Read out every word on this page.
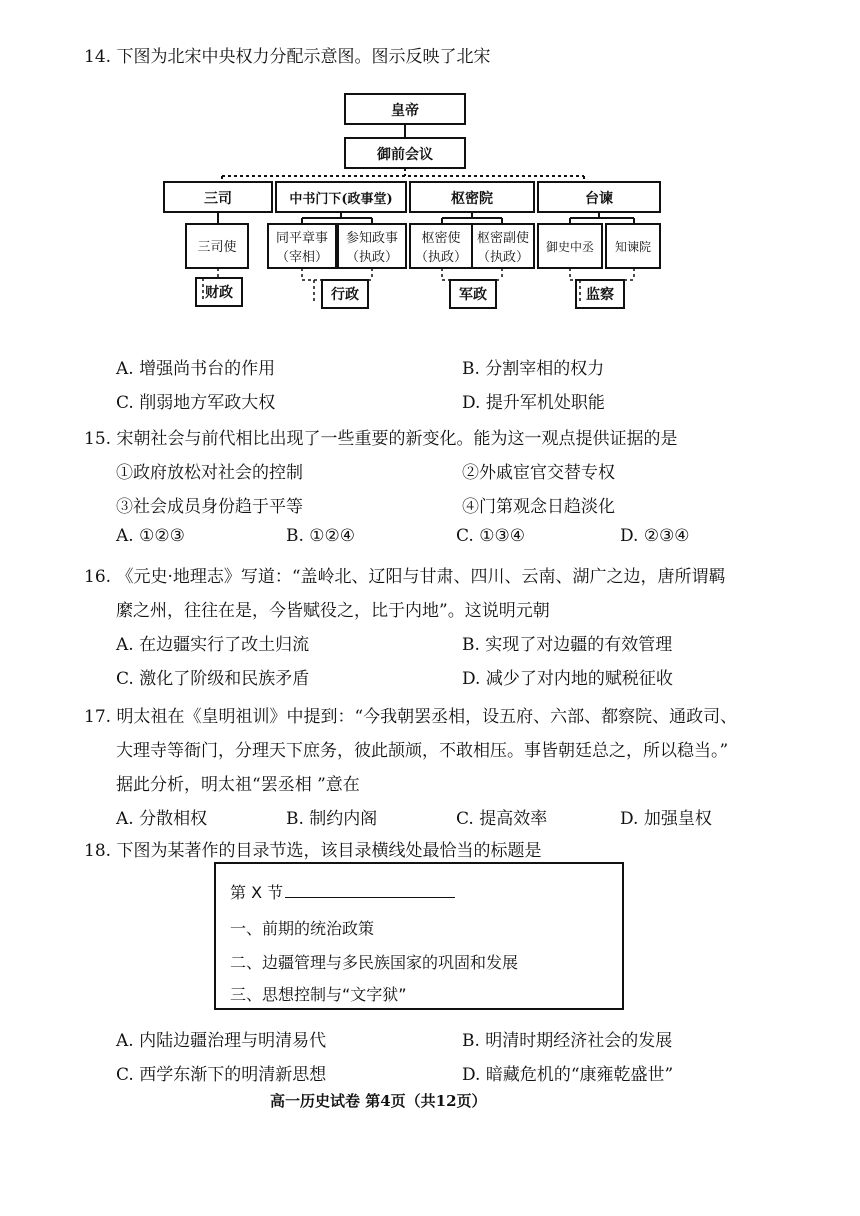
14. 下图为北宋中央权力分配示意图。图示反映了北宋
皇帝
御前会议
三司	中书门下(政事堂)	枢密院	台谏
三司使
同平章事
（宰相）
参知政事
（执政）
枢密使
（执政）
枢密副使
（执政）
御史中丞 知谏院
财政	行政	军政	监察
A. 增强尚书台的作用	B. 分割宰相的权力
C. 削弱地方军政大权	D. 提升军机处职能
15. 宋朝社会与前代相比出现了一些重要的新变化。能为这一观点提供证据的是
①政府放松对社会的控制	②外戚宦官交替专权
③社会成员身份趋于平等	④门第观念日趋淡化
A. ①②③	B. ①②④	C. ①③④	D. ②③④
16. 《元史·地理志》写道：“盖岭北、辽阳与甘肃、四川、云南、湖广之边，唐所谓羁
縻之州，往往在是，今皆赋役之，比于内地”。这说明元朝
A. 在边疆实行了改土归流	B. 实现了对边疆的有效管理
C. 激化了阶级和民族矛盾	D. 减少了对内地的赋税征收
17. 明太祖在《皇明祖训》中提到：“今我朝罢丞相，设五府、六部、都察院、通政司、
大理寺等衙门，分理天下庶务，彼此颉颃，不敢相压。事皆朝廷总之，所以稳当。”
据此分析，明太祖“罢丞相 ”意在
A. 分散相权	B. 制约内阁	C. 提高效率	D. 加强皇权
18. 下图为某著作的目录节选，该目录横线处最恰当的标题是
第 X 节
一、前期的统治政策
二、边疆管理与多民族国家的巩固和发展
三、思想控制与“文字狱”
A. 内陆边疆治理与明清易代	B. 明清时期经济社会的发展
C. 西学东渐下的明清新思想	D. 暗藏危机的“康雍乾盛世”
高一历史试卷 第4页（共12页）
